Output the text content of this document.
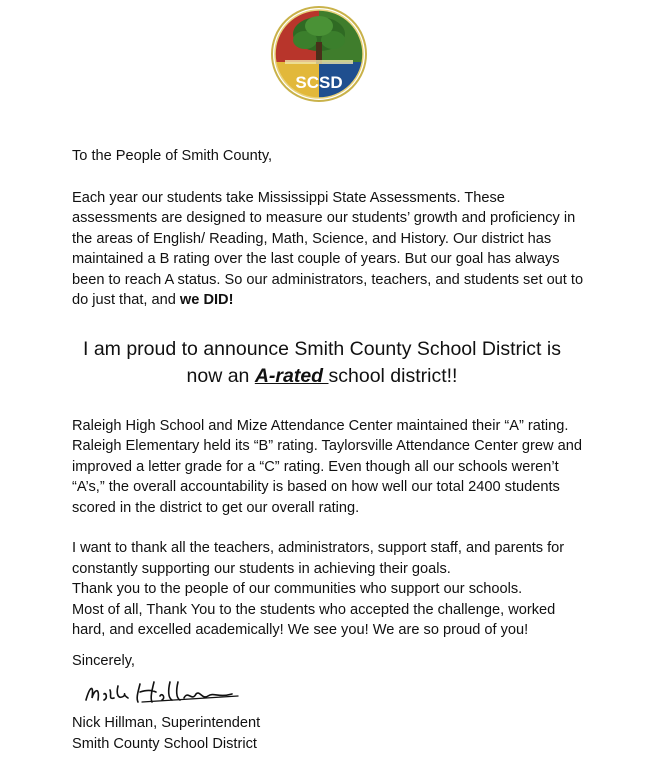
SCSD

To the People of Smith County,

Each year our students take Mississippi State Assessments. These assessments are designed to measure our students’ growth and proficiency in the areas of English/ Reading, Math, Science, and History. Our district has maintained a B rating over the last couple of years. But our goal has always been to reach A status. So our administrators, teachers, and students set out to do just that, and we DID!

I am proud to announce Smith County School District is
now an A-rated school district!!

Raleigh High School and Mize Attendance Center maintained their “A” rating. Raleigh Elementary held its “B” rating. Taylorsville Attendance Center grew and improved a letter grade for a “C” rating. Even though all our schools weren’t “A’s,” the overall accountability is based on how well our total 2400 students scored in the district to get our overall rating.

I want to thank all the teachers, administrators, support staff, and parents for constantly supporting our students in achieving their goals.
Thank you to the people of our communities who support our schools.
Most of all, Thank You to the students who accepted the challenge, worked hard, and excelled academically! We see you! We are so proud of you!

Sincerely,
Nick Hillman, Superintendent
Smith County School District
